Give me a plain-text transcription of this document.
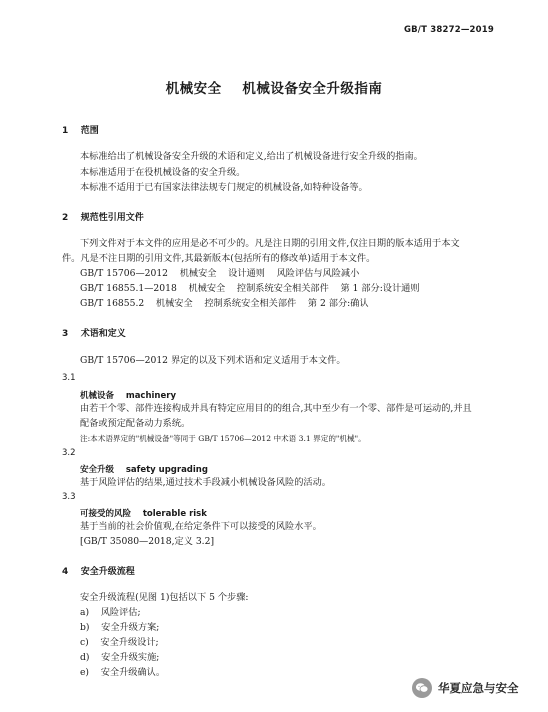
GB/T 38272—2019
机械安全    机械设备安全升级指南
1    范围
本标准给出了机械设备安全升级的术语和定义,给出了机械设备进行安全升级的指南。
本标准适用于在役机械设备的安全升级。
本标准不适用于已有国家法律法规专门规定的机械设备,如特种设备等。
2    规范性引用文件
下列文件对于本文件的应用是必不可少的。凡是注日期的引用文件,仅注日期的版本适用于本文
件。凡是不注日期的引用文件,其最新版本(包括所有的修改单)适用于本文件。
GB/T 15706—2012    机械安全    设计通则    风险评估与风险减小
GB/T 16855.1—2018    机械安全    控制系统安全相关部件    第 1 部分:设计通则
GB/T 16855.2    机械安全    控制系统安全相关部件    第 2 部分:确认
3    术语和定义
GB/T 15706—2012 界定的以及下列术语和定义适用于本文件。
3.1
机械设备    machinery
由若干个零、部件连接构成并具有特定应用目的的组合,其中至少有一个零、部件是可运动的,并且
配备或预定配备动力系统。
注:本术语界定的"机械设备"等同于 GB/T 15706—2012 中术语 3.1 界定的"机械"。
3.2
安全升级    safety upgrading
基于风险评估的结果,通过技术手段减小机械设备风险的活动。
3.3
可接受的风险    tolerable risk
基于当前的社会价值观,在给定条件下可以接受的风险水平。
[GB/T 35080—2018,定义 3.2]
4    安全升级流程
安全升级流程(见图 1)包括以下 5 个步骤:
a)    风险评估;
b)    安全升级方案;
c)    安全升级设计;
d)    安全升级实施;
e)    安全升级确认。
华夏应急与安全
